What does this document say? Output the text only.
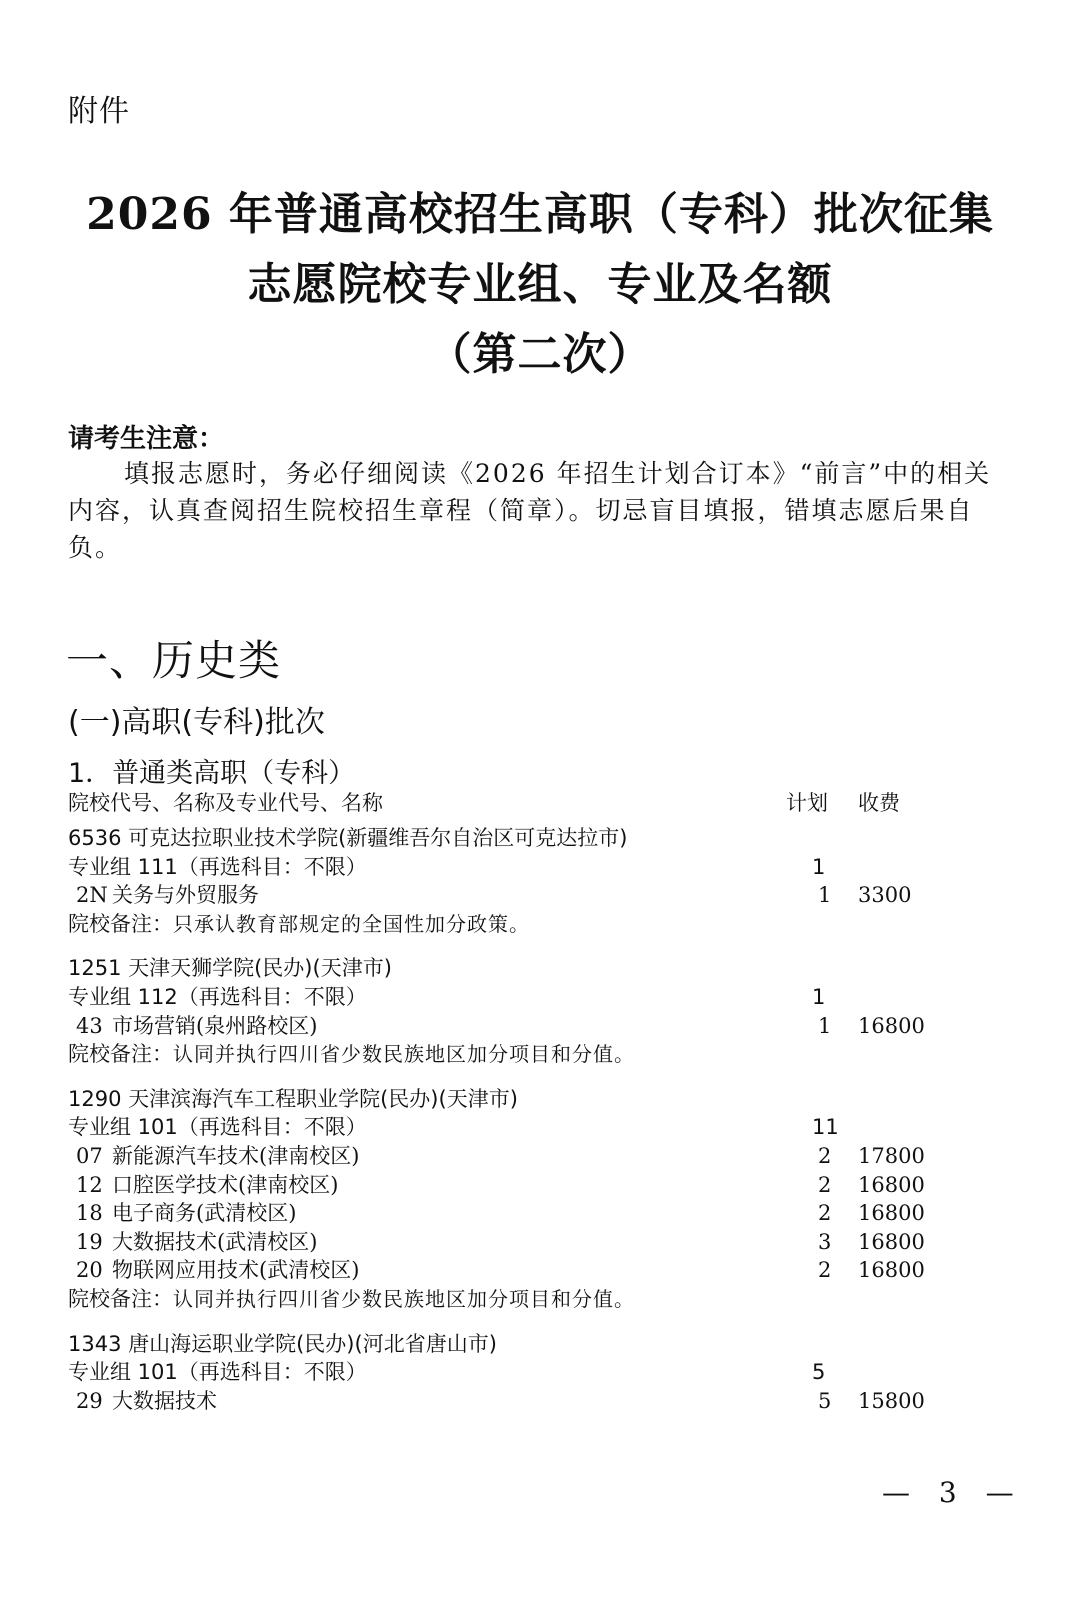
附件
2026 年普通高校招生高职（专科）批次征集
志愿院校专业组、专业及名额
（第二次）
请考生注意：

填报志愿时，务必仔细阅读《2026 年招生计划合订本》“前言”中的相关内容，认真查阅招生院校招生章程（简章）。切忌盲目填报，错填志愿后果自负。

一、历史类
(一)高职(专科)批次
1．普通类高职（专科）
院校代号、名称及专业代号、名称	计划 收费
6536 可克达拉职业技术学院(新疆维吾尔自治区可克达拉市)
专业组 111（再选科目：不限）	1
2N 关务与外贸服务	1 3300
院校备注：只承认教育部规定的全国性加分政策。
1251 天津天狮学院(民办)(天津市)
专业组 112（再选科目：不限）	1
43 市场营销(泉州路校区)	1 16800
院校备注：认同并执行四川省少数民族地区加分项目和分值。
1290 天津滨海汽车工程职业学院(民办)(天津市)
专业组 101（再选科目：不限）	11
07 新能源汽车技术(津南校区)	2 17800
12 口腔医学技术(津南校区)	2 16800
18 电子商务(武清校区)	2 16800
19 大数据技术(武清校区)	3 16800
20 物联网应用技术(武清校区)	2 16800
院校备注：认同并执行四川省少数民族地区加分项目和分值。
1343 唐山海运职业学院(民办)(河北省唐山市)
专业组 101（再选科目：不限）	5
29 大数据技术	5 15800
— 3 —
